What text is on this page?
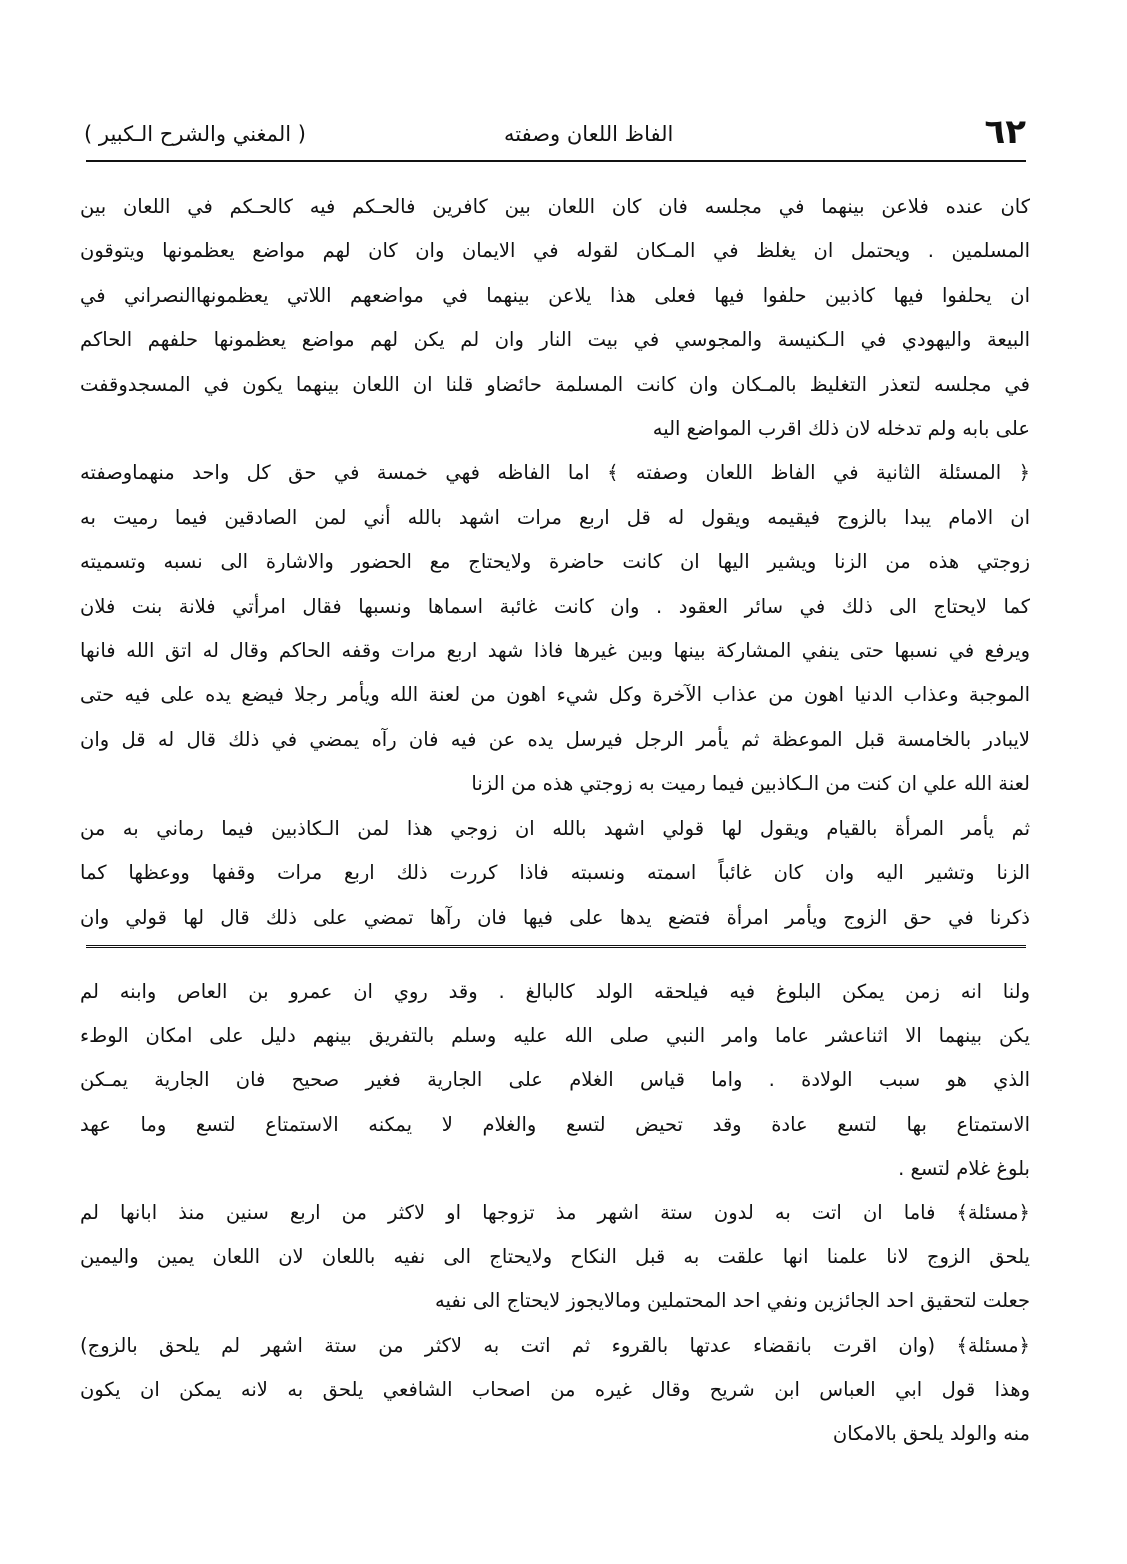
٦٢
الفاظ اللعان وصفته
( المغني والشرح الـكبير )
كان عنده فلاعن بينهما في مجلسه فان كان اللعان بين كافرين فالحـكم فيه كالحـكم في اللعان بين
المسلمين . ويحتمل ان يغلظ في المـكان لقوله في الايمان وان كان لهم مواضع يعظمونها ويتوقون
ان يحلفوا فيها كاذبين حلفوا فيها فعلى هذا يلاعن بينهما في مواضعهم اللاتي يعظمونهاالنصراني في
البيعة واليهودي في الـكنيسة والمجوسي في بيت النار وان لم يكن لهم مواضع يعظمونها حلفهم الحاكم
في مجلسه لتعذر التغليظ بالمـكان وان كانت المسلمة حائضاو قلنا ان اللعان بينهما يكون في المسجدوقفت
على بابه ولم تدخله لان ذلك اقرب المواضع اليه
﴿ المسئلة الثانية في الفاظ اللعان وصفته ﴾ اما الفاظه فهي خمسة في حق كل واحد منهماوصفته
ان الامام يبدا بالزوج فيقيمه ويقول له قل اربع مرات اشهد بالله أني لمن الصادقين فيما رميت به
زوجتي هذه من الزنا ويشير اليها ان كانت حاضرة ولايحتاج مع الحضور والاشارة الى نسبه وتسميته
كما لايحتاج الى ذلك في سائر العقود . وان كانت غائبة اسماها ونسبها فقال امرأتي فلانة بنت فلان
ويرفع في نسبها حتى ينفي المشاركة بينها وبين غيرها فاذا شهد اربع مرات وقفه الحاكم وقال له اتق الله فانها
الموجبة وعذاب الدنيا اهون من عذاب الآخرة وكل شيء اهون من لعنة الله ويأمر رجلا فيضع يده على فيه حتى
لايبادر بالخامسة قبل الموعظة ثم يأمر الرجل فيرسل يده عن فيه فان رآه يمضي في ذلك قال له قل وان
لعنة الله علي ان كنت من الـكاذبين فيما رميت به زوجتي هذه من الزنا
ثم يأمر المرأة بالقيام ويقول لها قولي اشهد بالله ان زوجي هذا لمن الـكاذبين فيما رماني به من
الزنا وتشير اليه وان كان غائباً اسمته ونسبته فاذا كررت ذلك اربع مرات وقفها ووعظها كما
ذكرنا في حق الزوج ويأمر امرأة فتضع يدها على فيها فان رآها تمضي على ذلك قال لها قولي وان
ولنا انه زمن يمكن البلوغ فيه فيلحقه الولد كالبالغ . وقد روي ان عمرو بن العاص وابنه لم
يكن بينهما الا اثناعشر عاما وامر النبي صلى الله عليه وسلم بالتفريق بينهم دليل على امكان الوطء
الذي هو سبب الولادة . واما قياس الغلام على الجارية فغير صحيح فان الجارية يمـكن
الاستمتاع بها لتسع عادة وقد تحيض لتسع والغلام لا يمكنه الاستمتاع لتسع وما عهد
بلوغ غلام لتسع .
﴿مسئلة﴾ فاما ان اتت به لدون ستة اشهر مذ تزوجها او لاكثر من اربع سنين منذ ابانها لم
يلحق الزوج لانا علمنا انها علقت به قبل النكاح ولايحتاج الى نفيه باللعان لان اللعان يمين واليمين
جعلت لتحقيق احد الجائزين ونفي احد المحتملين ومالايجوز لايحتاج الى نفيه
﴿مسئلة﴾ (وان اقرت بانقضاء عدتها بالقروء ثم اتت به لاكثر من ستة اشهر لم يلحق بالزوج)
وهذا قول ابي العباس ابن شريح وقال غيره من اصحاب الشافعي يلحق به لانه يمكن ان يكون
منه والولد يلحق بالامكان
